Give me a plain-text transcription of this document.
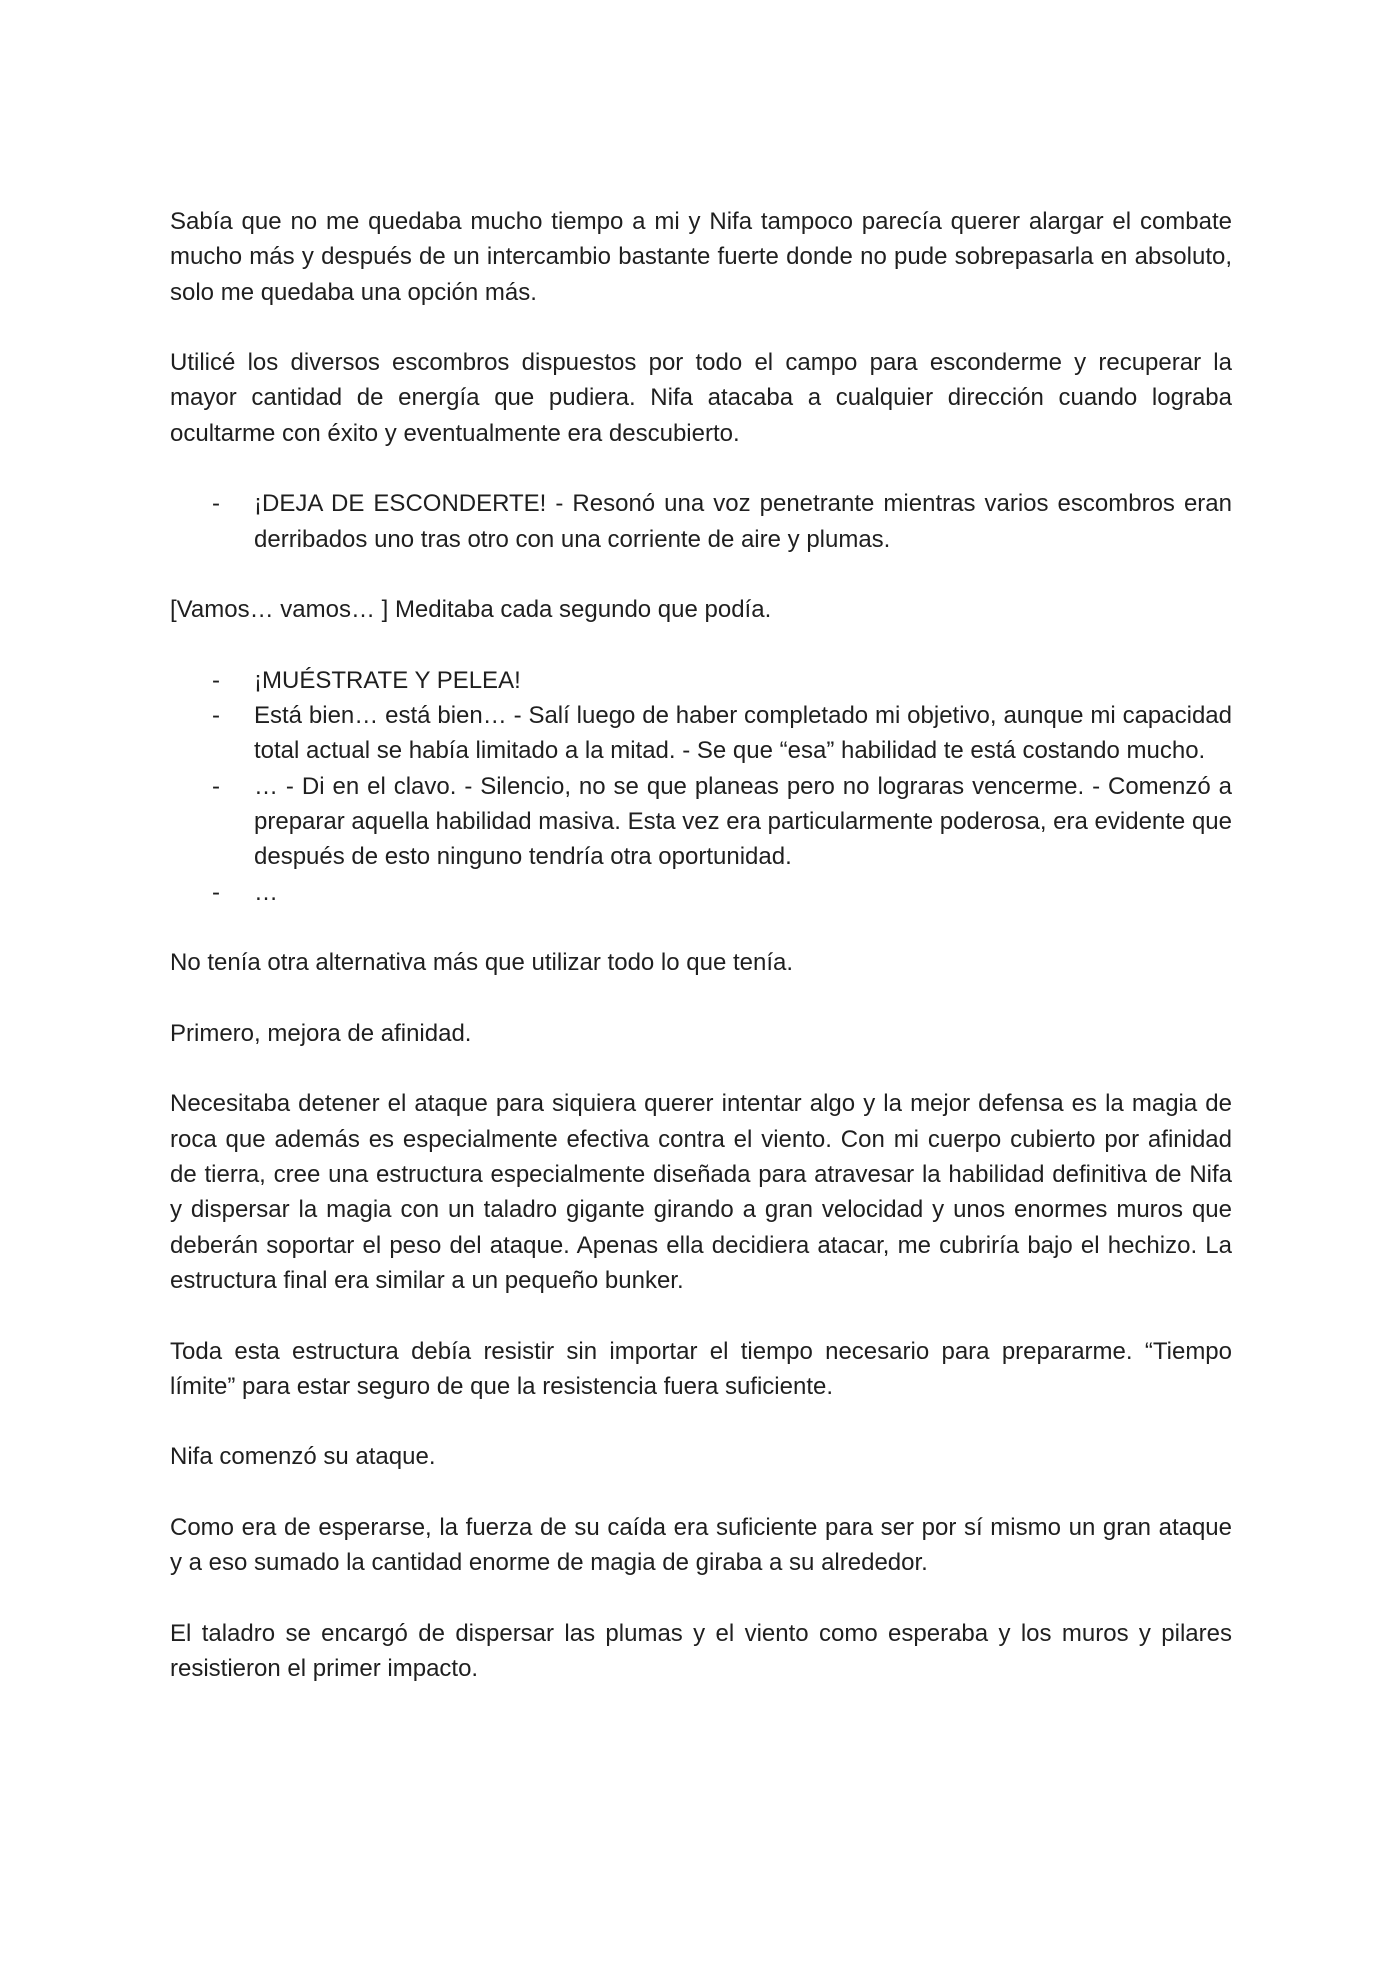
Sabía que no me quedaba mucho tiempo a mi y Nifa tampoco parecía querer alargar el combate mucho más y después de un intercambio bastante fuerte donde no pude sobrepasarla en absoluto, solo me quedaba una opción más.

Utilicé los diversos escombros dispuestos por todo el campo para esconderme y recuperar la mayor cantidad de energía que pudiera. Nifa atacaba a cualquier dirección cuando lograba ocultarme con éxito y eventualmente era descubierto.

- ¡DEJA DE ESCONDERTE! - Resonó una voz penetrante mientras varios escombros eran derribados uno tras otro con una corriente de aire y plumas.

[Vamos… vamos… ] Meditaba cada segundo que podía.

- ¡MUÉSTRATE Y PELEA!
- Está bien… está bien… - Salí luego de haber completado mi objetivo, aunque mi capacidad total actual se había limitado a la mitad. - Se que “esa” habilidad te está costando mucho.
- … - Di en el clavo. - Silencio, no se que planeas pero no lograras vencerme. - Comenzó a preparar aquella habilidad masiva. Esta vez era particularmente poderosa, era evidente que después de esto ninguno tendría otra oportunidad.
- …

No tenía otra alternativa más que utilizar todo lo que tenía.

Primero, mejora de afinidad.

Necesitaba detener el ataque para siquiera querer intentar algo y la mejor defensa es la magia de roca que además es especialmente efectiva contra el viento. Con mi cuerpo cubierto por afinidad de tierra, cree una estructura especialmente diseñada para atravesar la habilidad definitiva de Nifa y dispersar la magia con un taladro gigante girando a gran velocidad y unos enormes muros que deberán soportar el peso del ataque. Apenas ella decidiera atacar, me cubriría bajo el hechizo. La estructura final era similar a un pequeño bunker.

Toda esta estructura debía resistir sin importar el tiempo necesario para prepararme. “Tiempo límite” para estar seguro de que la resistencia fuera suficiente.

Nifa comenzó su ataque.

Como era de esperarse, la fuerza de su caída era suficiente para ser por sí mismo un gran ataque y a eso sumado la cantidad enorme de magia de giraba a su alrededor.

El taladro se encargó de dispersar las plumas y el viento como esperaba y los muros y pilares resistieron el primer impacto.
